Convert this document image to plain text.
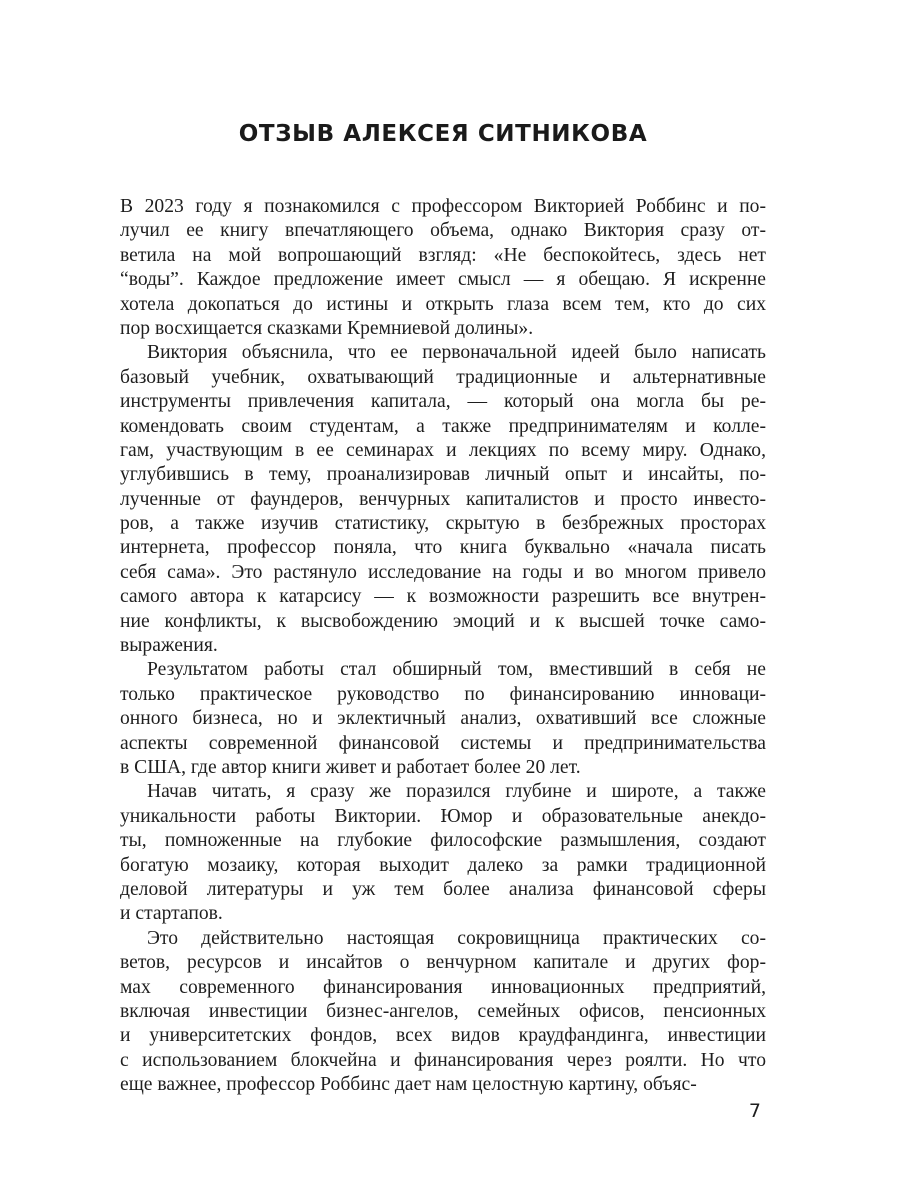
ОТЗЫВ АЛЕКСЕЯ СИТНИКОВА
В 2023 году я познакомился с профессором Викторией Роббинс и по-
лучил ее книгу впечатляющего объема, однако Виктория сразу от-
ветила на мой вопрошающий взгляд: «Не беспокойтесь, здесь нет
“воды”. Каждое предложение имеет смысл — я обещаю. Я искренне
хотела докопаться до истины и открыть глаза всем тем, кто до сих
пор восхищается сказками Кремниевой долины».
Виктория объяснила, что ее первоначальной идеей было написать
базовый учебник, охватывающий традиционные и альтернативные
инструменты привлечения капитала, — который она могла бы ре-
комендовать своим студентам, а также предпринимателям и колле-
гам, участвующим в ее семинарах и лекциях по всему миру. Однако,
углубившись в тему, проанализировав личный опыт и инсайты, по-
лученные от фаундеров, венчурных капиталистов и просто инвесто-
ров, а также изучив статистику, скрытую в безбрежных просторах
интернета, профессор поняла, что книга буквально «начала писать
себя сама». Это растянуло исследование на годы и во многом привело
самого автора к катарсису — к возможности разрешить все внутрен-
ние конфликты, к высвобождению эмоций и к высшей точке само-
выражения.
Результатом работы стал обширный том, вместивший в себя не
только практическое руководство по финансированию инноваци-
онного бизнеса, но и эклектичный анализ, охвативший все сложные
аспекты современной финансовой системы и предпринимательства
в США, где автор книги живет и работает более 20 лет.
Начав читать, я сразу же поразился глубине и широте, а также
уникальности работы Виктории. Юмор и образовательные анекдо-
ты, помноженные на глубокие философские размышления, создают
богатую мозаику, которая выходит далеко за рамки традиционной
деловой литературы и уж тем более анализа финансовой сферы
и стартапов.
Это действительно настоящая сокровищница практических со-
ветов, ресурсов и инсайтов о венчурном капитале и других фор-
мах современного финансирования инновационных предприятий,
включая инвестиции бизнес-ангелов, семейных офисов, пенсионных
и университетских фондов, всех видов краудфандинга, инвестиции
с использованием блокчейна и финансирования через роялти. Но что
еще важнее, профессор Роббинс дает нам целостную картину, объяс-
7
